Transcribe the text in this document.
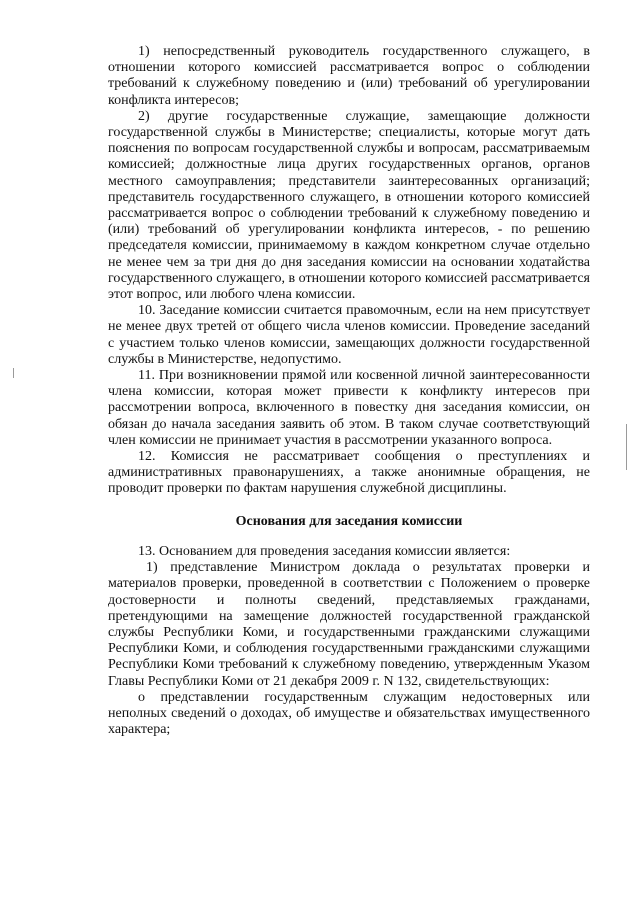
1) непосредственный руководитель государственного служащего, в отношении которого комиссией рассматривается вопрос о соблюдении требований к служебному поведению и (или) требований об урегулировании конфликта интересов;

2) другие государственные служащие, замещающие должности государственной службы в Министерстве; специалисты, которые могут дать пояснения по вопросам государственной службы и вопросам, рассматриваемым комиссией; должностные лица других государственных органов, органов местного самоуправления; представители заинтересованных организаций; представитель государственного служащего, в отношении которого комиссией рассматривается вопрос о соблюдении требований к служебному поведению и (или) требований об урегулировании конфликта интересов, - по решению председателя комиссии, принимаемому в каждом конкретном случае отдельно не менее чем за три дня до дня заседания комиссии на основании ходатайства государственного служащего, в отношении которого комиссией рассматривается этот вопрос, или любого члена комиссии.

10. Заседание комиссии считается правомочным, если на нем присутствует не менее двух третей от общего числа членов комиссии. Проведение заседаний с участием только членов комиссии, замещающих должности государственной службы в Министерстве, недопустимо.

11. При возникновении прямой или косвенной личной заинтересованности члена комиссии, которая может привести к конфликту интересов при рассмотрении вопроса, включенного в повестку дня заседания комиссии, он обязан до начала заседания заявить об этом. В таком случае соответствующий член комиссии не принимает участия в рассмотрении указанного вопроса.

12. Комиссия не рассматривает сообщения о преступлениях и административных правонарушениях, а также анонимные обращения, не проводит проверки по фактам нарушения служебной дисциплины.

Основания для заседания комиссии

13. Основанием для проведения заседания комиссии является:

1) представление Министром доклада о результатах проверки и материалов проверки, проведенной в соответствии с Положением о проверке достоверности и полноты сведений, представляемых гражданами, претендующими на замещение должностей государственной гражданской службы Республики Коми, и государственными гражданскими служащими Республики Коми, и соблюдения государственными гражданскими служащими Республики Коми требований к служебному поведению, утвержденным Указом Главы Республики Коми от 21 декабря 2009 г. N 132, свидетельствующих:

о представлении государственным служащим недостоверных или неполных сведений о доходах, об имуществе и обязательствах имущественного характера;
